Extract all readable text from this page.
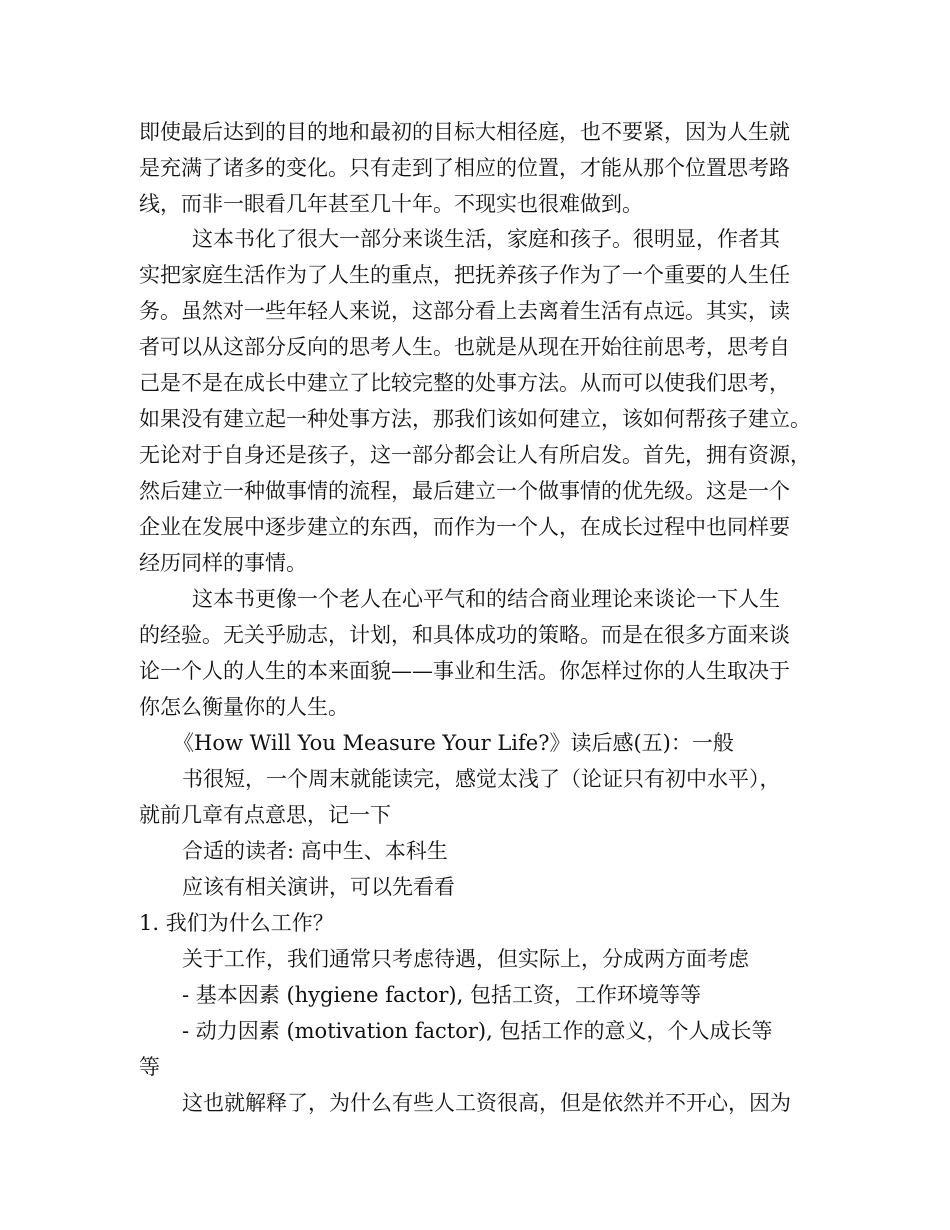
即使最后达到的目的地和最初的目标大相径庭，也不要紧，因为人生就
是充满了诸多的变化。只有走到了相应的位置，才能从那个位置思考路
线，而非一眼看几年甚至几十年。不现实也很难做到。
这本书化了很大一部分来谈生活，家庭和孩子。很明显，作者其
实把家庭生活作为了人生的重点，把抚养孩子作为了一个重要的人生任
务。虽然对一些年轻人来说，这部分看上去离着生活有点远。其实，读
者可以从这部分反向的思考人生。也就是从现在开始往前思考，思考自
己是不是在成长中建立了比较完整的处事方法。从而可以使我们思考，
如果没有建立起一种处事方法，那我们该如何建立，该如何帮孩子建立。
无论对于自身还是孩子，这一部分都会让人有所启发。首先，拥有资源，
然后建立一种做事情的流程，最后建立一个做事情的优先级。这是一个
企业在发展中逐步建立的东西，而作为一个人，在成长过程中也同样要
经历同样的事情。
这本书更像一个老人在心平气和的结合商业理论来谈论一下人生
的经验。无关乎励志，计划，和具体成功的策略。而是在很多方面来谈
论一个人的人生的本来面貌——事业和生活。你怎样过你的人生取决于
你怎么衡量你的人生。
《How Will You Measure Your Life?》读后感(五)：一般
书很短，一个周末就能读完，感觉太浅了（论证只有初中水平），
就前几章有点意思，记一下
合适的读者: 高中生、本科生
应该有相关演讲，可以先看看
1. 我们为什么工作？
关于工作，我们通常只考虑待遇，但实际上，分成两方面考虑
- 基本因素 (hygiene factor), 包括工资，工作环境等等
- 动力因素 (motivation factor), 包括工作的意义，个人成长等
等
这也就解释了，为什么有些人工资很高，但是依然并不开心，因为
